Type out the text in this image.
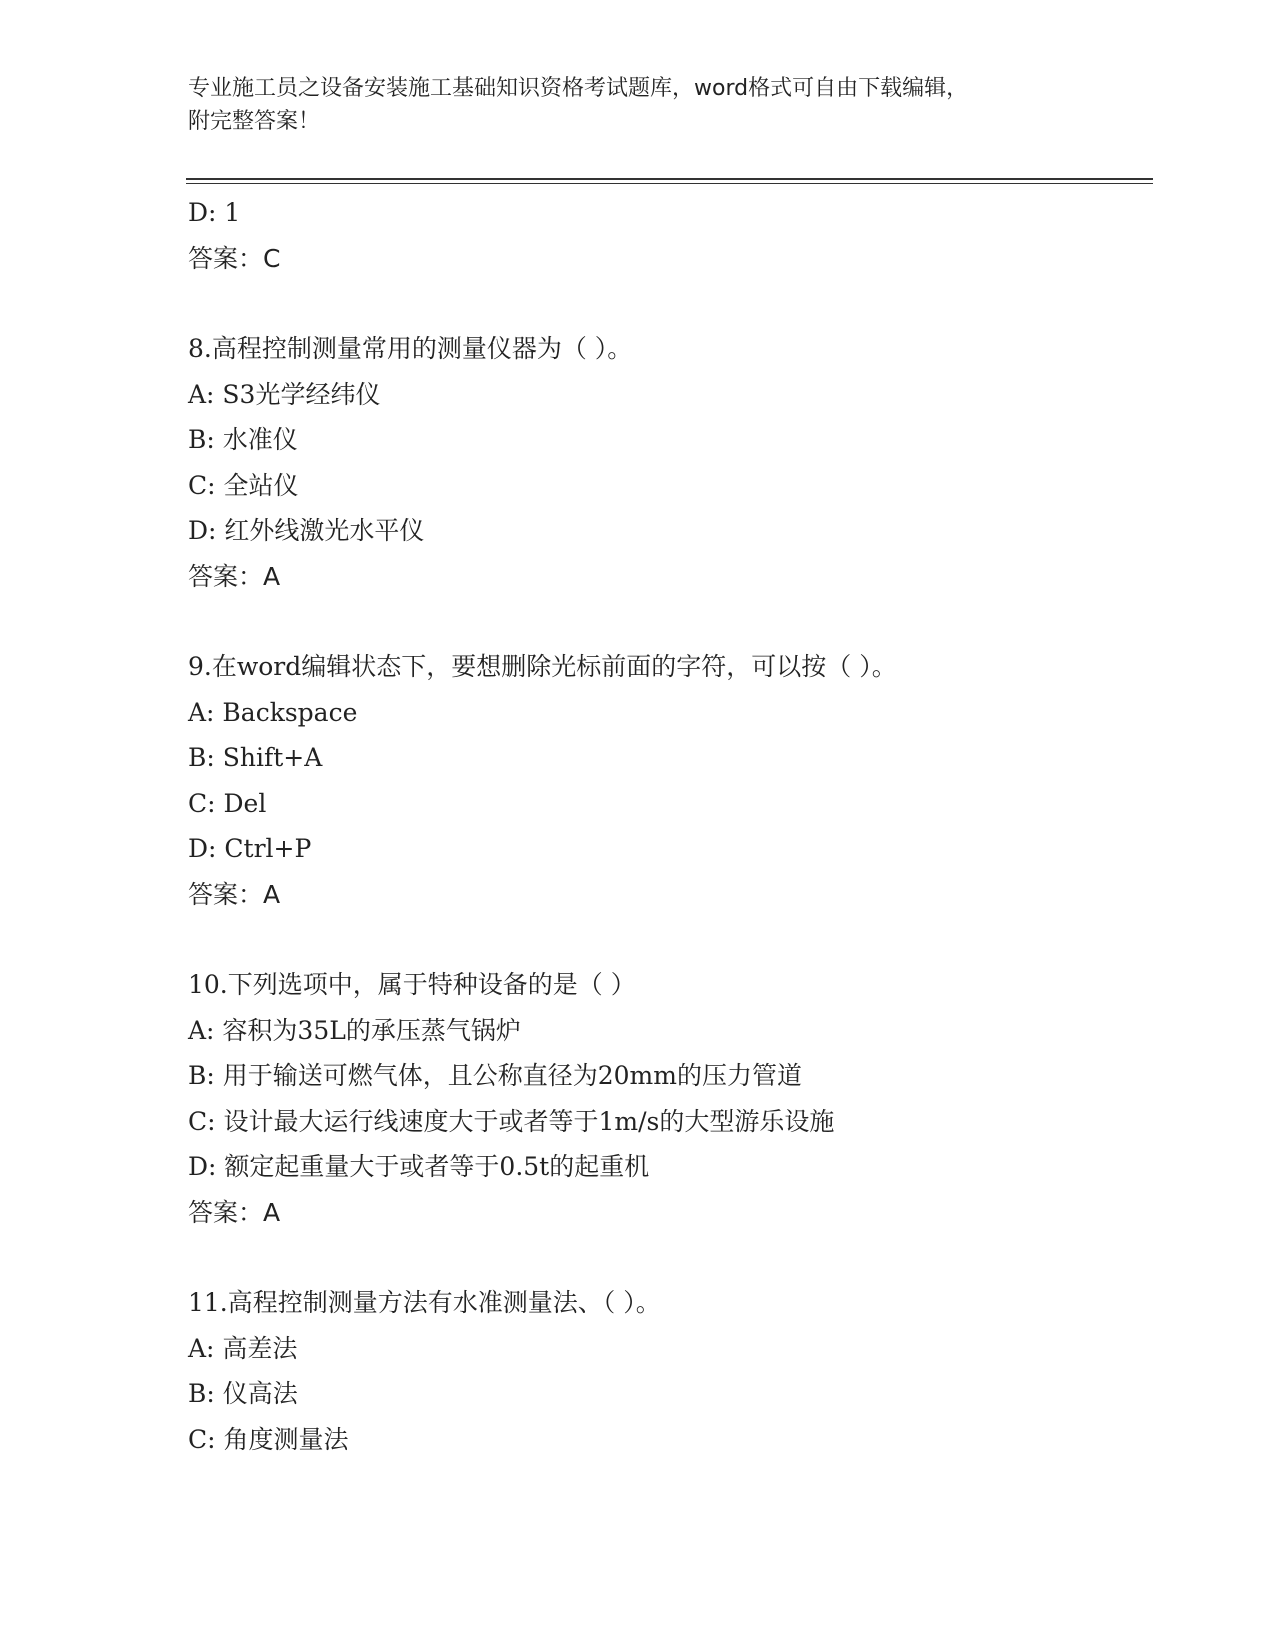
专业施工员之设备安装施工基础知识资格考试题库，word格式可自由下载编辑，
附完整答案！
D: 1
答案：C
8.高程控制测量常用的测量仪器为（ ）。
A: S3光学经纬仪
B: 水准仪
C: 全站仪
D: 红外线激光水平仪
答案：A
9.在word编辑状态下，要想删除光标前面的字符，可以按（ ）。
A: Backspace
B: Shift+A
C: Del
D: Ctrl+P
答案：A
10.下列选项中，属于特种设备的是（ ）
A: 容积为35L的承压蒸气锅炉
B: 用于输送可燃气体，且公称直径为20mm的压力管道
C: 设计最大运行线速度大于或者等于1m/s的大型游乐设施
D: 额定起重量大于或者等于0.5t的起重机
答案：A
11.高程控制测量方法有水准测量法、（ ）。
A: 高差法
B: 仪高法
C: 角度测量法
